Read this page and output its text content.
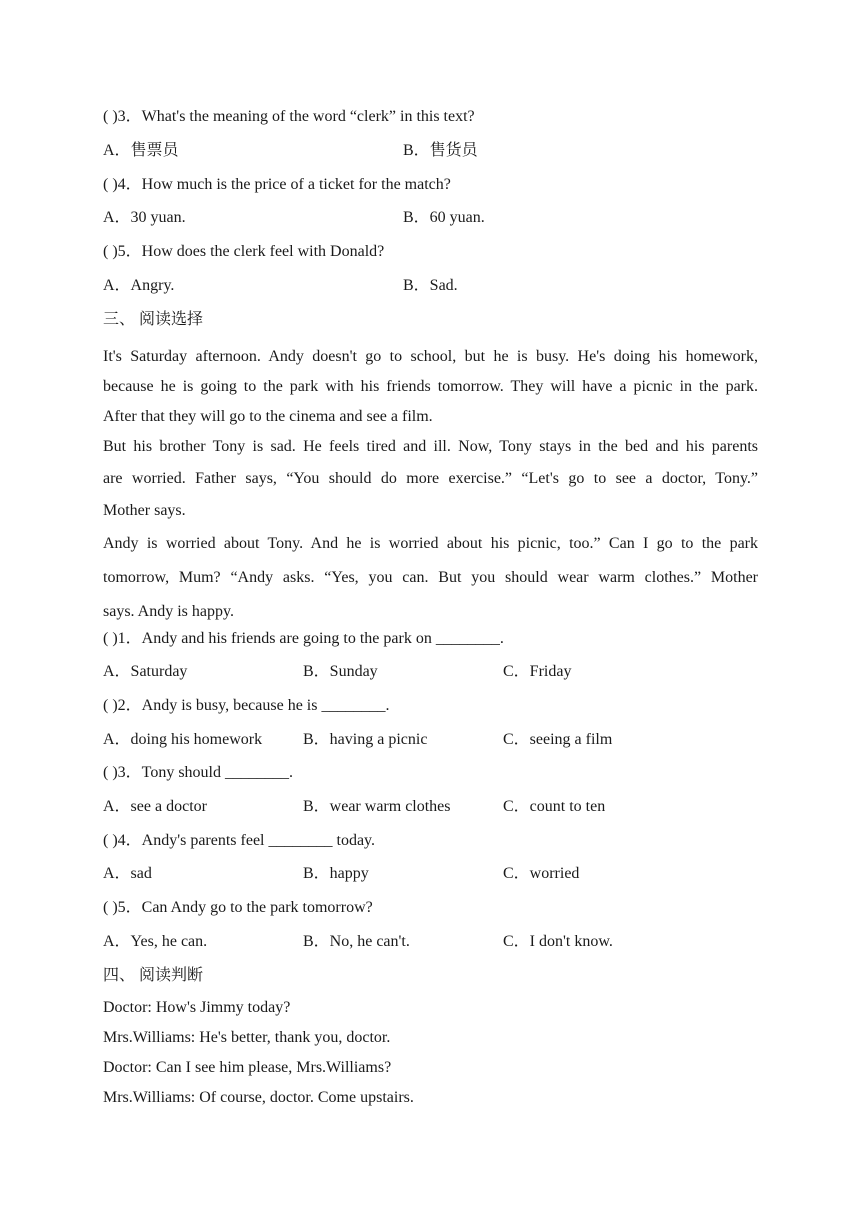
( )3．What's the meaning of the word “clerk” in this text?
A．售票员	B．售货员
( )4．How much is the price of a ticket for the match?
A．30 yuan.	B．60 yuan.
( )5．How does the clerk feel with Donald?
A．Angry.	B．Sad.
三、 阅读选择
It's Saturday afternoon. Andy doesn't go to school, but he is busy. He's doing his homework,
because he is going to the park with his friends tomorrow. They will have a picnic in the park.
After that they will go to the cinema and see a film.
But his brother Tony is sad. He feels tired and ill. Now, Tony stays in the bed and his parents
are worried. Father says, “You should do more exercise.” “Let's go to see a doctor, Tony.”
Mother says.
Andy is worried about Tony. And he is worried about his picnic, too.” Can I go to the park
tomorrow, Mum? “Andy asks. “Yes, you can. But you should wear warm clothes.” Mother
says. Andy is happy.
( )1．Andy and his friends are going to the park on ________.
A．Saturday	B．Sunday	C．Friday
( )2．Andy is busy, because he is ________.
A．doing his homework	B．having a picnic	C．seeing a film
( )3．Tony should ________.
A．see a doctor	B．wear warm clothes	C．count to ten
( )4．Andy's parents feel ________ today.
A．sad	B．happy	C．worried
( )5．Can Andy go to the park tomorrow?
A．Yes, he can.	B．No, he can't.	C．I don't know.
四、 阅读判断
Doctor: How's Jimmy today?
Mrs.Williams: He's better, thank you, doctor.
Doctor: Can I see him please, Mrs.Williams?
Mrs.Williams: Of course, doctor. Come upstairs.
